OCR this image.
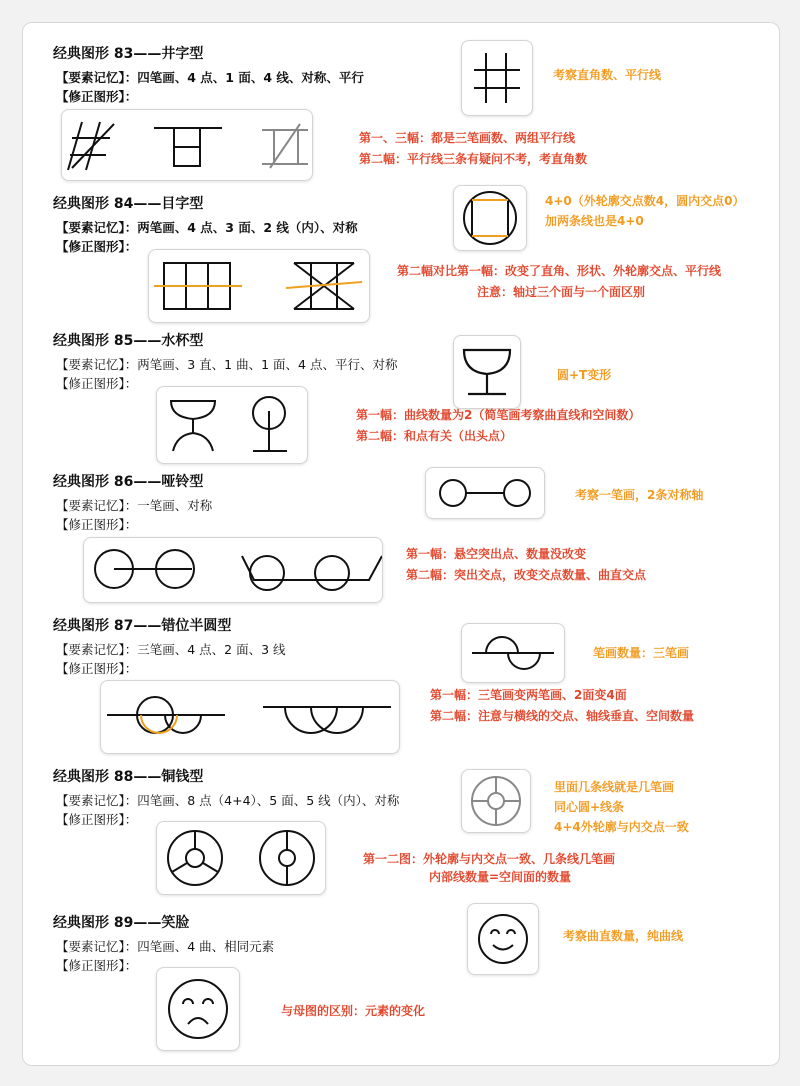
经典图形 83——井字型
【要素记忆】：四笔画、4 点、1 面、4 线、对称、平行
【修正图形】：
考察直角数、平行线
第一、三幅：都是三笔画数、两组平行线
第二幅：平行线三条有疑问不考，考直角数
经典图形 84——目字型
【要素记忆】：两笔画、4 点、3 面、2 线（内）、对称
【修正图形】：
4+0（外轮廓交点数4，圆内交点0）
加两条线也是4+0
第二幅对比第一幅：改变了直角、形状、外轮廓交点、平行线
注意：轴过三个面与一个面区别
经典图形 85——水杯型
【要素记忆】：两笔画、3 直、1 曲、1 面、4 点、平行、对称
【修正图形】：
圆+T变形
第一幅：曲线数量为2（简笔画考察曲直线和空间数）
第二幅：和点有关（出头点）
经典图形 86——哑铃型
【要素记忆】：一笔画、对称
【修正图形】：
考察一笔画，2条对称轴
第一幅：悬空突出点、数量没改变
第二幅：突出交点，改变交点数量、曲直交点
经典图形 87——错位半圆型
【要素记忆】：三笔画、4 点、2 面、3 线
【修正图形】：
笔画数量：三笔画
第一幅：三笔画变两笔画、2面变4面
第二幅：注意与横线的交点、轴线垂直、空间数量
经典图形 88——铜钱型
【要素记忆】：四笔画、8 点（4+4）、5 面、5 线（内）、对称
【修正图形】：
里面几条线就是几笔画
同心圆+线条
4+4外轮廓与内交点一致
第一二图：外轮廓与内交点一致、几条线几笔画
内部线数量=空间面的数量
经典图形 89——笑脸
【要素记忆】：四笔画、4 曲、相同元素
【修正图形】：
考察曲直数量，纯曲线
与母图的区别：元素的变化
